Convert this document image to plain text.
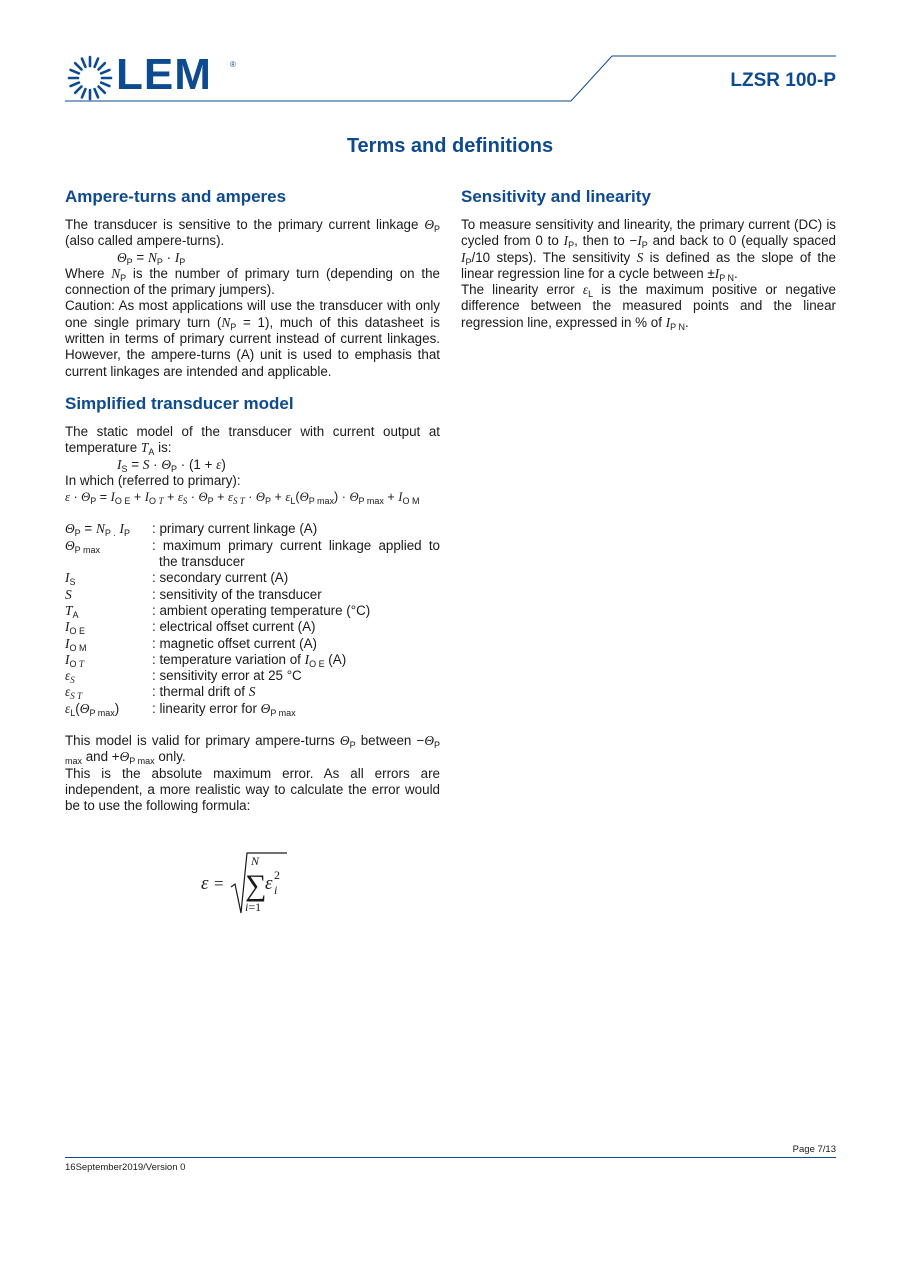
LEM ®
LZSR 100-P
Terms and definitions
Ampere-turns and amperes

The transducer is sensitive to the primary current linkage $\Theta_P$ (also called ampere-turns).

$\Theta_P = N_P \cdot I_P$

Where $N_P$ is the number of primary turn (depending on the connection of the primary jumpers).

Caution: As most applications will use the transducer with only one single primary turn $(N_P = 1)$, much of this datasheet is written in terms of primary current instead of current linkages. However, the ampere-turns (A) unit is used to emphasis that current linkages are intended and applicable.

Simplified transducer model

The static model of the transducer with current output at temperature $T_A$ is:

$I_S = S \cdot \Theta_P \cdot (1 + \varepsilon)$

In which (referred to primary):

$\varepsilon \cdot \Theta_P = I_{O E} + I_{O T} + \varepsilon_S \cdot \Theta_P + \varepsilon_{S T} \cdot \Theta_P + \varepsilon_L(\Theta_{P max}) \cdot \Theta_{P max} + I_{O M}$

$\Theta_P = N_{P .}$ $I_P$	: primary current linkage (A)
$\Theta_{P max}$	: maximum primary current linkage applied to the transducer
$I_S$	: secondary current (A)
S	: sensitivity of the transducer
$T_A$	: ambient operating temperature (°C)
$I_{O E}$	: electrical offset current (A)
$I_{O M}$	: magnetic offset current (A)
$I_{O T}$	: temperature variation of $I_{O E}$ (A)
$\varepsilon_S$	: sensitivity error at 25 °C
$\varepsilon_{S T}$	: thermal drift of S
$\varepsilon_L(\Theta_{P max})$	: linearity error for $\Theta_{P max}$

This model is valid for primary ampere-turns $\Theta_P$ between $-\Theta_{P max}$ and $+\Theta_{P max}$ only.

This is the absolute maximum error. As all errors are independent, a more realistic way to calculate the error would be to use the following formula:

ε =
N
∑
i=1
ε i
2
Sensitivity and linearity

To measure sensitivity and linearity, the primary current (DC) is cycled from 0 to $I_P$, then to $-I_P$ and back to 0 (equally spaced $I_P/10$ steps). The sensitivity S is defined as the slope of the linear regression line for a cycle between $\pm I_{P N}$.

The linearity error $\varepsilon_L$ is the maximum positive or negative difference between the measured points and the linear regression line, expressed in % of $I_{P N}$.

Page 7/13
16September2019/Version 0
